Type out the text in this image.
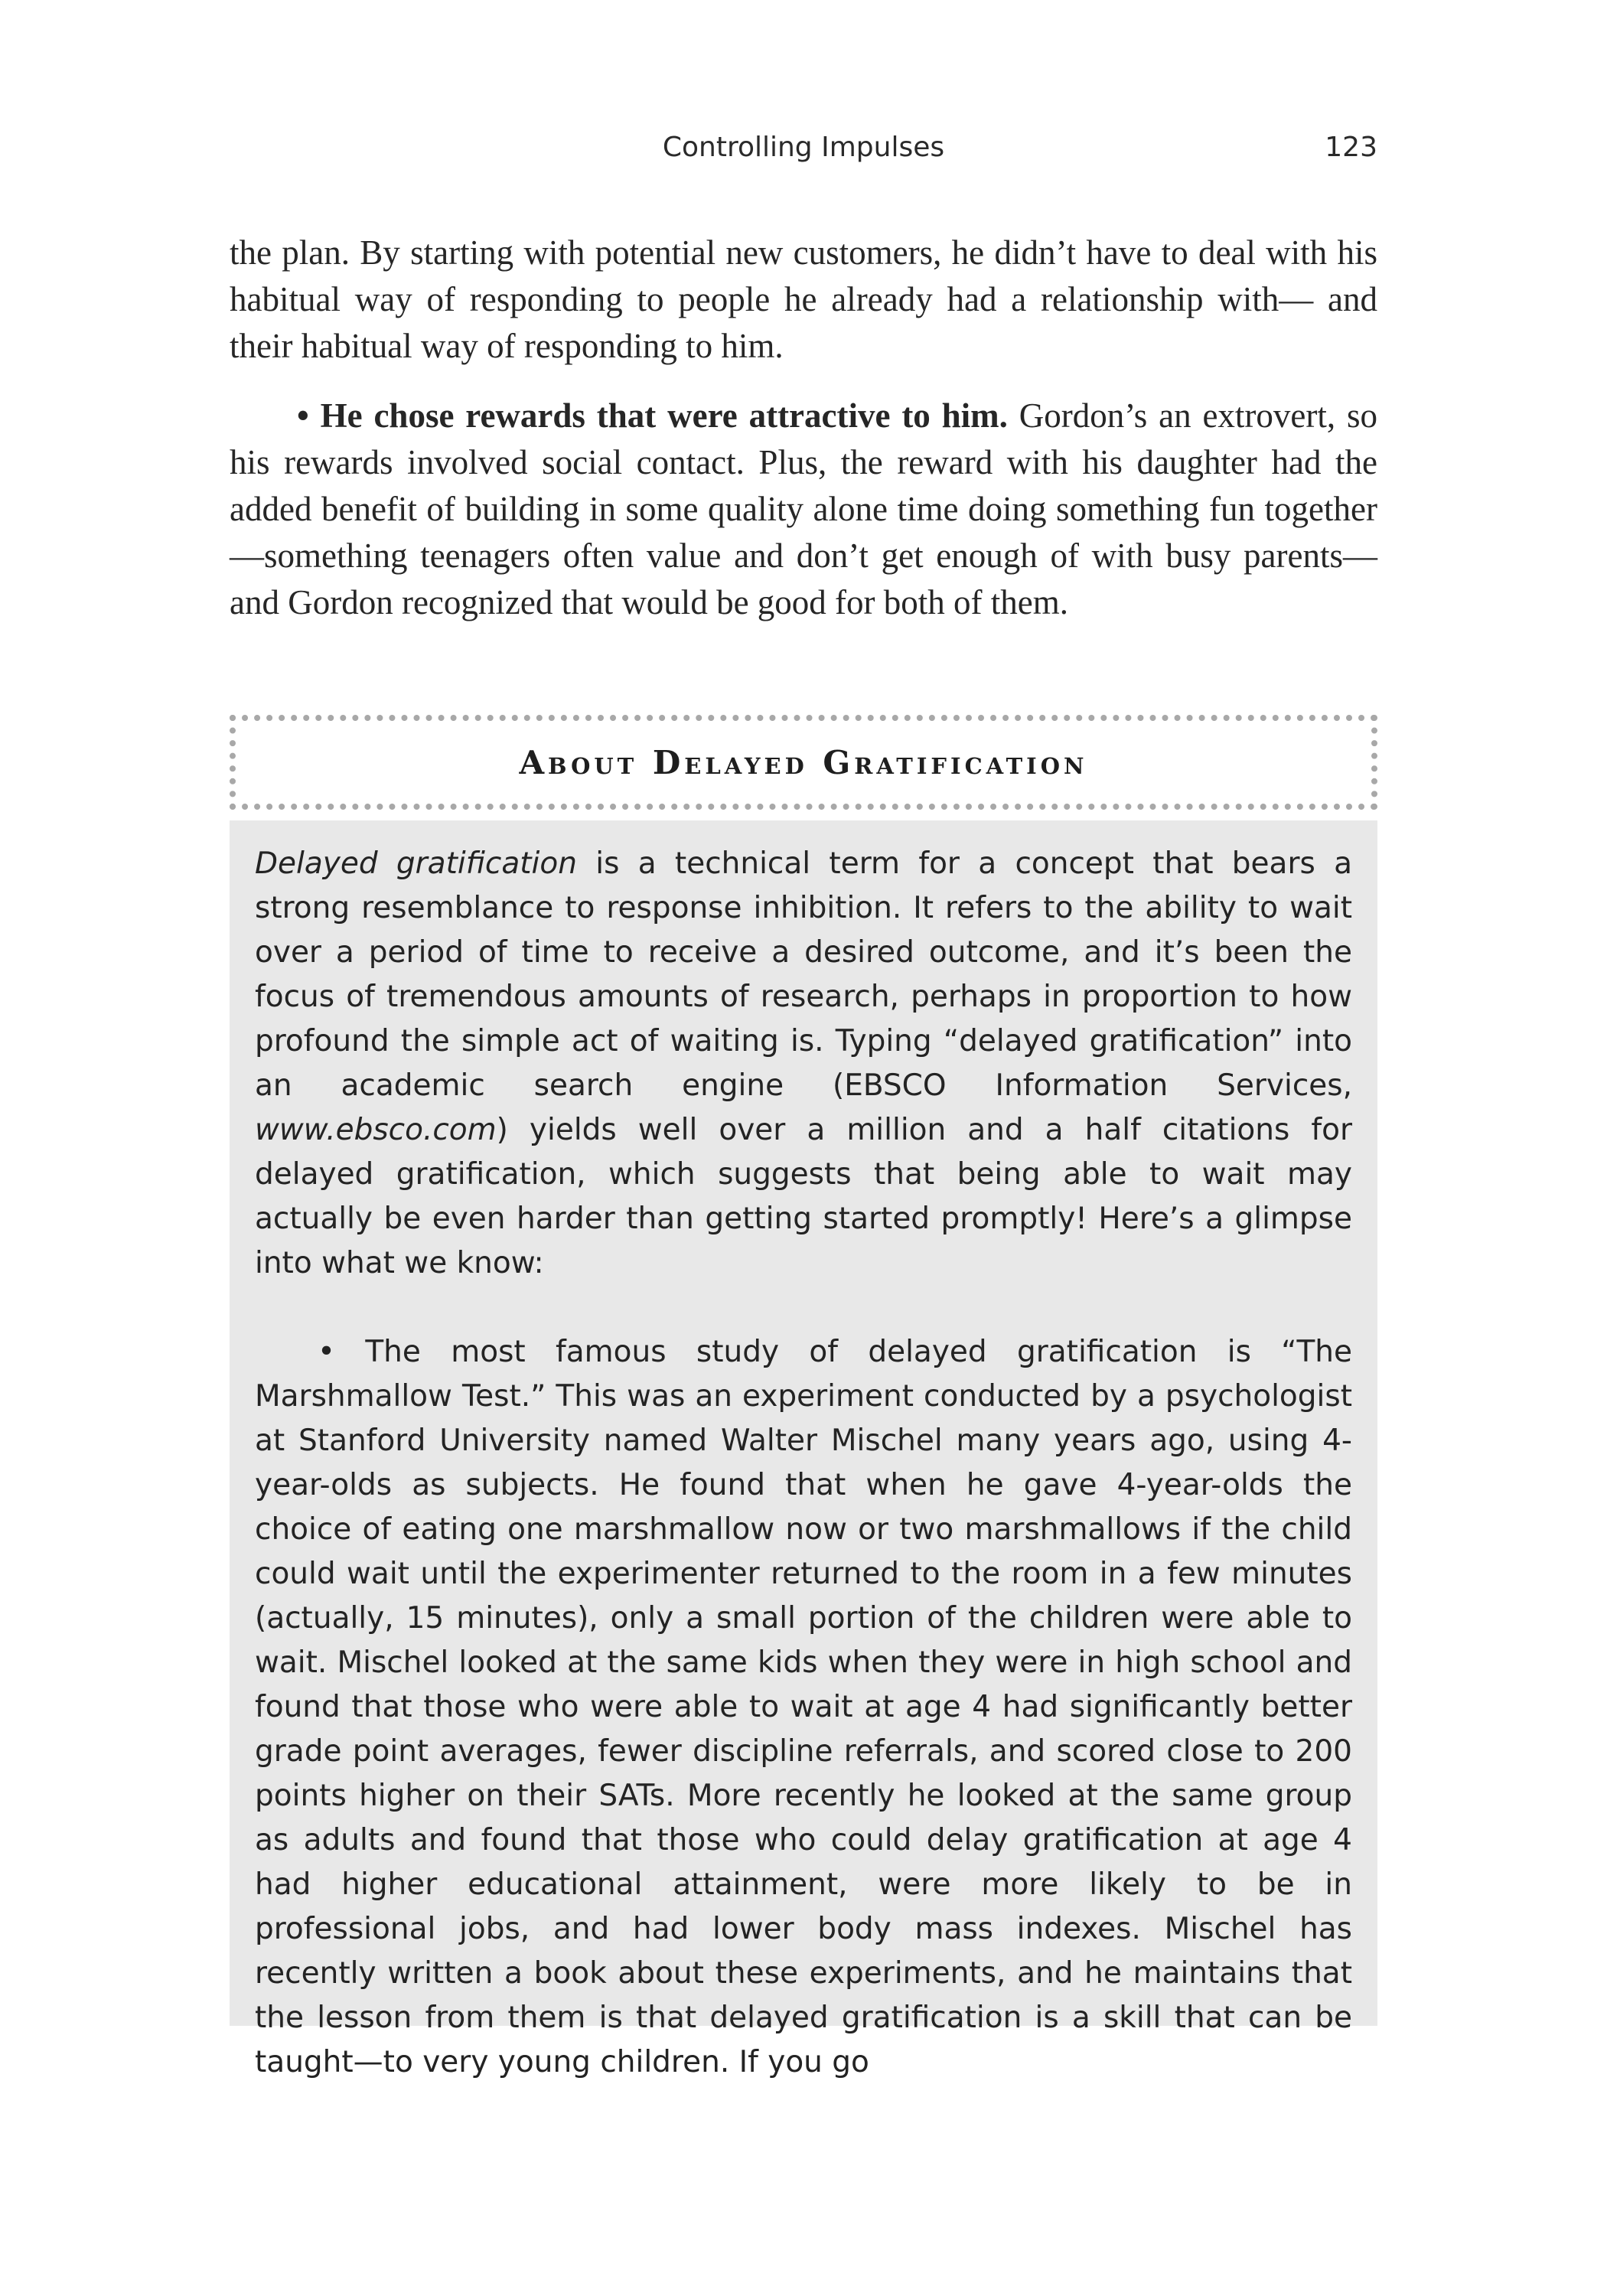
Controlling Impulses	123

the plan. By starting with potential new customers, he didn’t have to deal with his habitual way of responding to people he already had a relationship with— and their habitual way of responding to him.

• He chose rewards that were attractive to him. Gordon’s an extrovert, so his rewards involved social contact. Plus, the reward with his daughter had the added benefit of building in some quality alone time doing something fun together—something teenagers often value and don’t get enough of with busy parents—and Gordon recognized that would be good for both of them.

About Delayed Gratification

Delayed gratification is a technical term for a concept that bears a strong resemblance to response inhibition. It refers to the ability to wait over a period of time to receive a desired outcome, and it’s been the focus of tremendous amounts of research, perhaps in proportion to how profound the simple act of waiting is. Typing “delayed gratification” into an academic search engine (EBSCO Information Services, www.ebsco.com) yields well over a million and a half citations for delayed gratification, which suggests that being able to wait may actually be even harder than getting started promptly! Here’s a glimpse into what we know:

• The most famous study of delayed gratification is “The Marshmallow Test.” This was an experiment conducted by a psychologist at Stanford University named Walter Mischel many years ago, using 4-year-olds as subjects. He found that when he gave 4-year-olds the choice of eating one marshmallow now or two marshmallows if the child could wait until the experimenter returned to the room in a few minutes (actually, 15 minutes), only a small portion of the children were able to wait. Mischel looked at the same kids when they were in high school and found that those who were able to wait at age 4 had significantly better grade point averages, fewer discipline referrals, and scored close to 200 points higher on their SATs. More recently he looked at the same group as adults and found that those who could delay gratification at age 4 had higher educational attainment, were more likely to be in professional jobs, and had lower body mass indexes. Mischel has recently written a book about these experiments, and he maintains that the lesson from them is that delayed gratification is a skill that can be taught—to very young children. If you go
